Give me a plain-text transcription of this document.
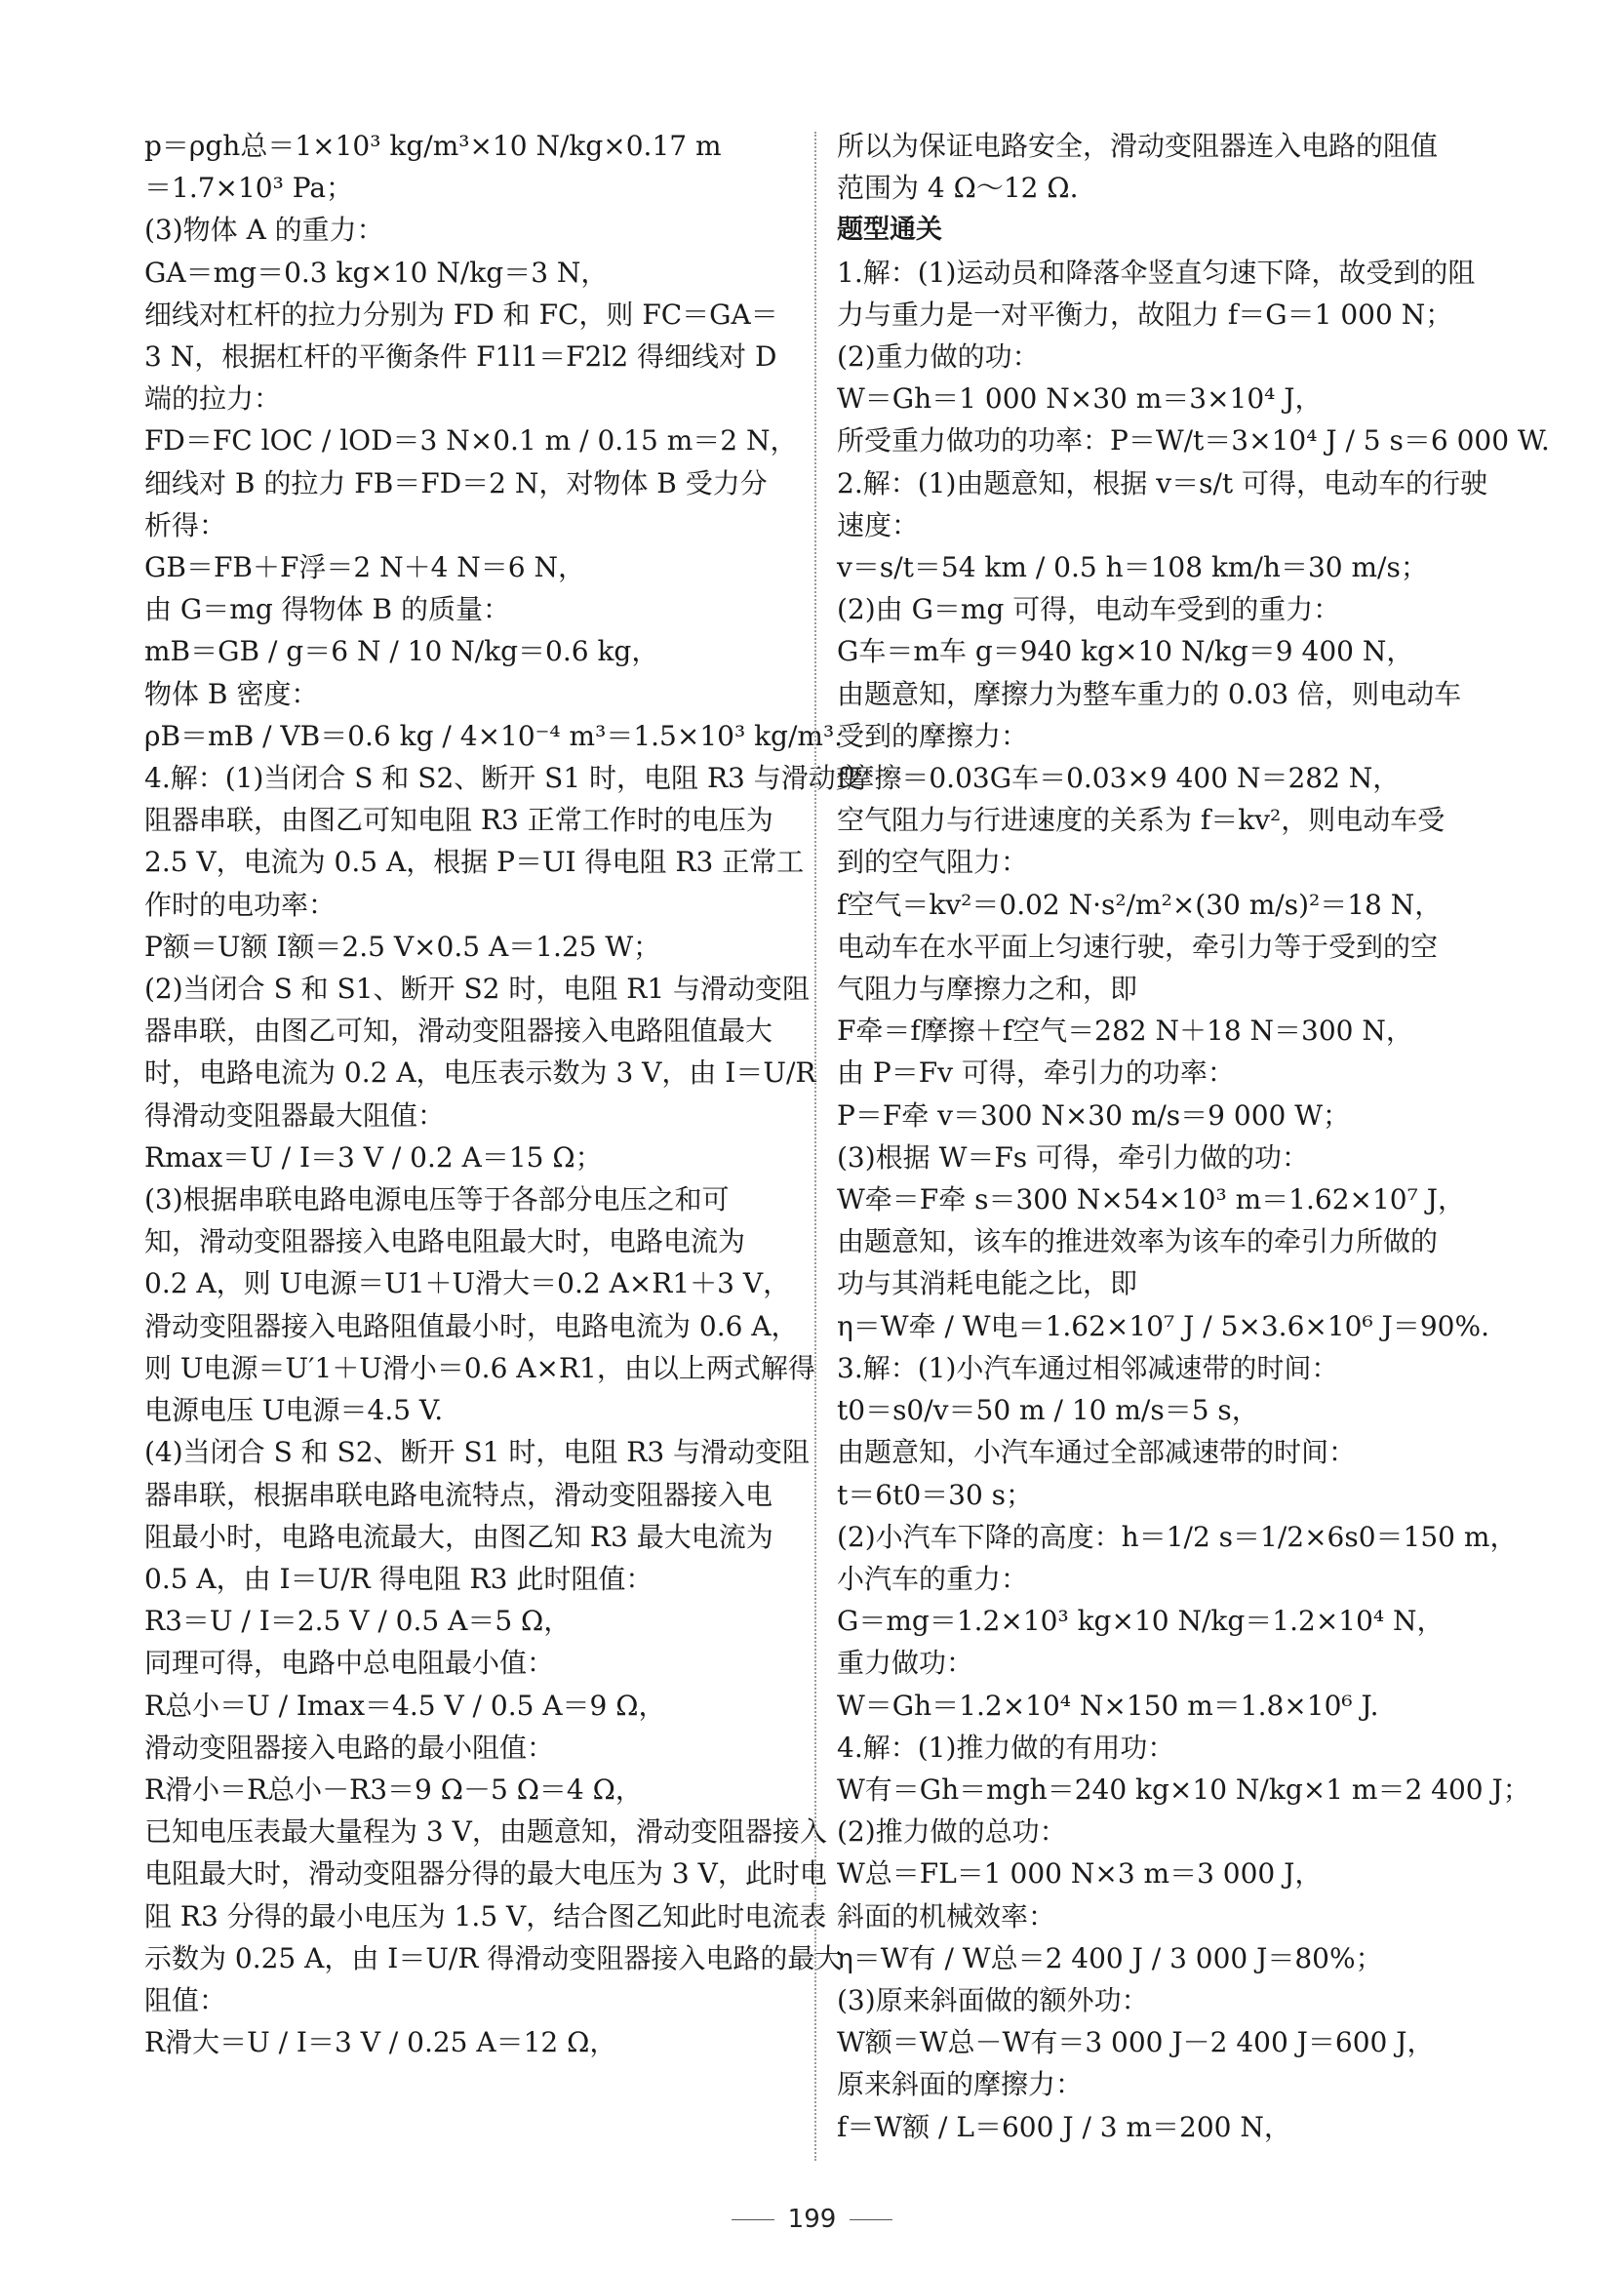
p＝ρgh总＝1×10³ kg/m³×10 N/kg×0.17 m
＝1.7×10³ Pa；
(3)物体 A 的重力：
GA＝mg＝0.3 kg×10 N/kg＝3 N，
细线对杠杆的拉力分别为 FD 和 FC，则 FC＝GA＝
3 N，根据杠杆的平衡条件 F1l1＝F2l2 得细线对 D
端的拉力：
FD＝FC lOC / lOD＝3 N×0.1 m / 0.15 m＝2 N，
细线对 B 的拉力 FB＝FD＝2 N，对物体 B 受力分
析得：
GB＝FB＋F浮＝2 N＋4 N＝6 N，
由 G＝mg 得物体 B 的质量：
mB＝GB / g＝6 N / 10 N/kg＝0.6 kg，
物体 B 密度：
ρB＝mB / VB＝0.6 kg / 4×10⁻⁴ m³＝1.5×10³ kg/m³.
4.解：(1)当闭合 S 和 S2、断开 S1 时，电阻 R3 与滑动变
阻器串联，由图乙可知电阻 R3 正常工作时的电压为
2.5 V，电流为 0.5 A，根据 P＝UI 得电阻 R3 正常工
作时的电功率：
P额＝U额 I额＝2.5 V×0.5 A＝1.25 W；
(2)当闭合 S 和 S1、断开 S2 时，电阻 R1 与滑动变阻
器串联，由图乙可知，滑动变阻器接入电路阻值最大
时，电路电流为 0.2 A，电压表示数为 3 V，由 I＝U/R
得滑动变阻器最大阻值：
Rmax＝U / I＝3 V / 0.2 A＝15 Ω；
(3)根据串联电路电源电压等于各部分电压之和可
知，滑动变阻器接入电路电阻最大时，电路电流为
0.2 A，则 U电源＝U1＋U滑大＝0.2 A×R1＋3 V，
滑动变阻器接入电路阻值最小时，电路电流为 0.6 A，
则 U电源＝U′1＋U滑小＝0.6 A×R1，由以上两式解得
电源电压 U电源＝4.5 V.
(4)当闭合 S 和 S2、断开 S1 时，电阻 R3 与滑动变阻
器串联，根据串联电路电流特点，滑动变阻器接入电
阻最小时，电路电流最大，由图乙知 R3 最大电流为
0.5 A，由 I＝U/R 得电阻 R3 此时阻值：
R3＝U / I＝2.5 V / 0.5 A＝5 Ω，
同理可得，电路中总电阻最小值：
R总小＝U / Imax＝4.5 V / 0.5 A＝9 Ω，
滑动变阻器接入电路的最小阻值：
R滑小＝R总小－R3＝9 Ω－5 Ω＝4 Ω，
已知电压表最大量程为 3 V，由题意知，滑动变阻器接入
电阻最大时，滑动变阻器分得的最大电压为 3 V，此时电
阻 R3 分得的最小电压为 1.5 V，结合图乙知此时电流表
示数为 0.25 A，由 I＝U/R 得滑动变阻器接入电路的最大
阻值：
R滑大＝U / I＝3 V / 0.25 A＝12 Ω，
所以为保证电路安全，滑动变阻器连入电路的阻值
范围为 4 Ω～12 Ω.
题型通关
1.解：(1)运动员和降落伞竖直匀速下降，故受到的阻
力与重力是一对平衡力，故阻力 f＝G＝1 000 N；
(2)重力做的功：
W＝Gh＝1 000 N×30 m＝3×10⁴ J，
所受重力做功的功率：P＝W/t＝3×10⁴ J / 5 s＝6 000 W.
2.解：(1)由题意知，根据 v＝s/t 可得，电动车的行驶
速度：
v＝s/t＝54 km / 0.5 h＝108 km/h＝30 m/s；
(2)由 G＝mg 可得，电动车受到的重力：
G车＝m车 g＝940 kg×10 N/kg＝9 400 N，
由题意知，摩擦力为整车重力的 0.03 倍，则电动车
受到的摩擦力：
f摩擦＝0.03G车＝0.03×9 400 N＝282 N，
空气阻力与行进速度的关系为 f＝kv²，则电动车受
到的空气阻力：
f空气＝kv²＝0.02 N·s²/m²×(30 m/s)²＝18 N，
电动车在水平面上匀速行驶，牵引力等于受到的空
气阻力与摩擦力之和，即
F牵＝f摩擦＋f空气＝282 N＋18 N＝300 N，
由 P＝Fv 可得，牵引力的功率：
P＝F牵 v＝300 N×30 m/s＝9 000 W；
(3)根据 W＝Fs 可得，牵引力做的功：
W牵＝F牵 s＝300 N×54×10³ m＝1.62×10⁷ J，
由题意知，该车的推进效率为该车的牵引力所做的
功与其消耗电能之比，即
η＝W牵 / W电＝1.62×10⁷ J / 5×3.6×10⁶ J＝90%.
3.解：(1)小汽车通过相邻减速带的时间：
t0＝s0/v＝50 m / 10 m/s＝5 s，
由题意知，小汽车通过全部减速带的时间：
t＝6t0＝30 s；
(2)小汽车下降的高度：h＝1/2 s＝1/2×6s0＝150 m，
小汽车的重力：
G＝mg＝1.2×10³ kg×10 N/kg＝1.2×10⁴ N，
重力做功：
W＝Gh＝1.2×10⁴ N×150 m＝1.8×10⁶ J.
4.解：(1)推力做的有用功：
W有＝Gh＝mgh＝240 kg×10 N/kg×1 m＝2 400 J；
(2)推力做的总功：
W总＝FL＝1 000 N×3 m＝3 000 J，
斜面的机械效率：
η＝W有 / W总＝2 400 J / 3 000 J＝80%；
(3)原来斜面做的额外功：
W额＝W总－W有＝3 000 J－2 400 J＝600 J，
原来斜面的摩擦力：
f＝W额 / L＝600 J / 3 m＝200 N，
199
